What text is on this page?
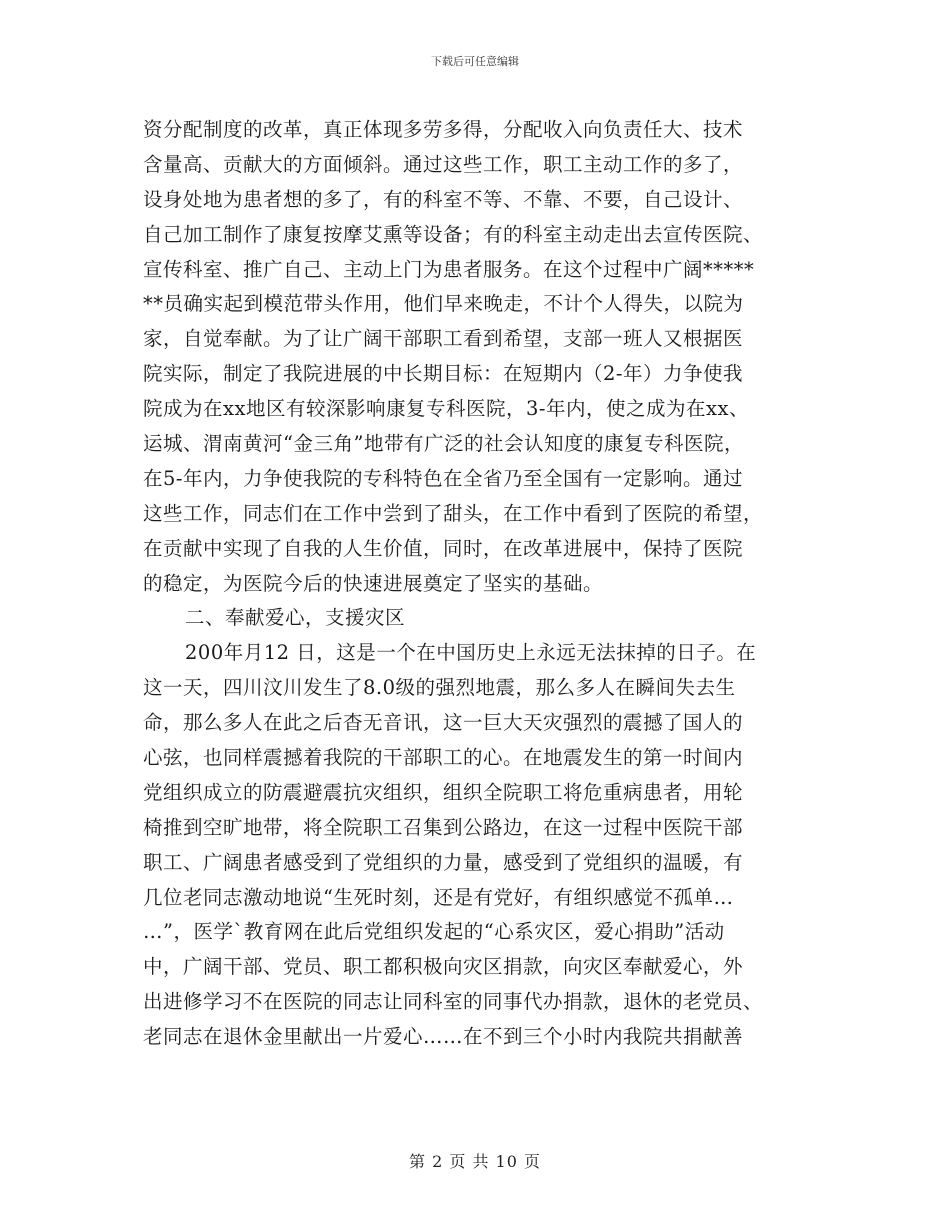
下载后可任意编辑
资分配制度的改革，真正体现多劳多得，分配收入向负责任大、技术
含量高、贡献大的方面倾斜。通过这些工作，职工主动工作的多了，
设身处地为患者想的多了，有的科室不等、不靠、不要，自己设计、
自己加工制作了康复按摩艾熏等设备；有的科室主动走出去宣传医院、
宣传科室、推广自己、主动上门为患者服务。在这个过程中广阔*****
**员确实起到模范带头作用，他们早来晚走，不计个人得失，以院为
家，自觉奉献。为了让广阔干部职工看到希望，支部一班人又根据医
院实际，制定了我院进展的中长期目标：在短期内（2-年）力争使我
院成为在xx地区有较深影响康复专科医院，3-年内，使之成为在xx、
运城、渭南黄河“金三角”地带有广泛的社会认知度的康复专科医院，
在5-年内，力争使我院的专科特色在全省乃至全国有一定影响。通过
这些工作，同志们在工作中尝到了甜头，在工作中看到了医院的希望，
在贡献中实现了自我的人生价值，同时，在改革进展中，保持了医院
的稳定，为医院今后的快速进展奠定了坚实的基础。
二、奉献爱心，支援灾区
200年月12 日，这是一个在中国历史上永远无法抹掉的日子。在
这一天，四川汶川发生了8.0级的强烈地震，那么多人在瞬间失去生
命，那么多人在此之后杳无音讯，这一巨大天灾强烈的震撼了国人的
心弦，也同样震撼着我院的干部职工的心。在地震发生的第一时间内
党组织成立的防震避震抗灾组织，组织全院职工将危重病患者，用轮
椅推到空旷地带，将全院职工召集到公路边，在这一过程中医院干部
职工、广阔患者感受到了党组织的力量，感受到了党组织的温暖，有
几位老同志激动地说“生死时刻，还是有党好，有组织感觉不孤单…
…”，医学`教育网在此后党组织发起的“心系灾区，爱心捐助”活动
中，广阔干部、党员、职工都积极向灾区捐款，向灾区奉献爱心，外
出进修学习不在医院的同志让同科室的同事代办捐款，退休的老党员、
老同志在退休金里献出一片爱心……在不到三个小时内我院共捐献善
第 2 页 共 10 页
